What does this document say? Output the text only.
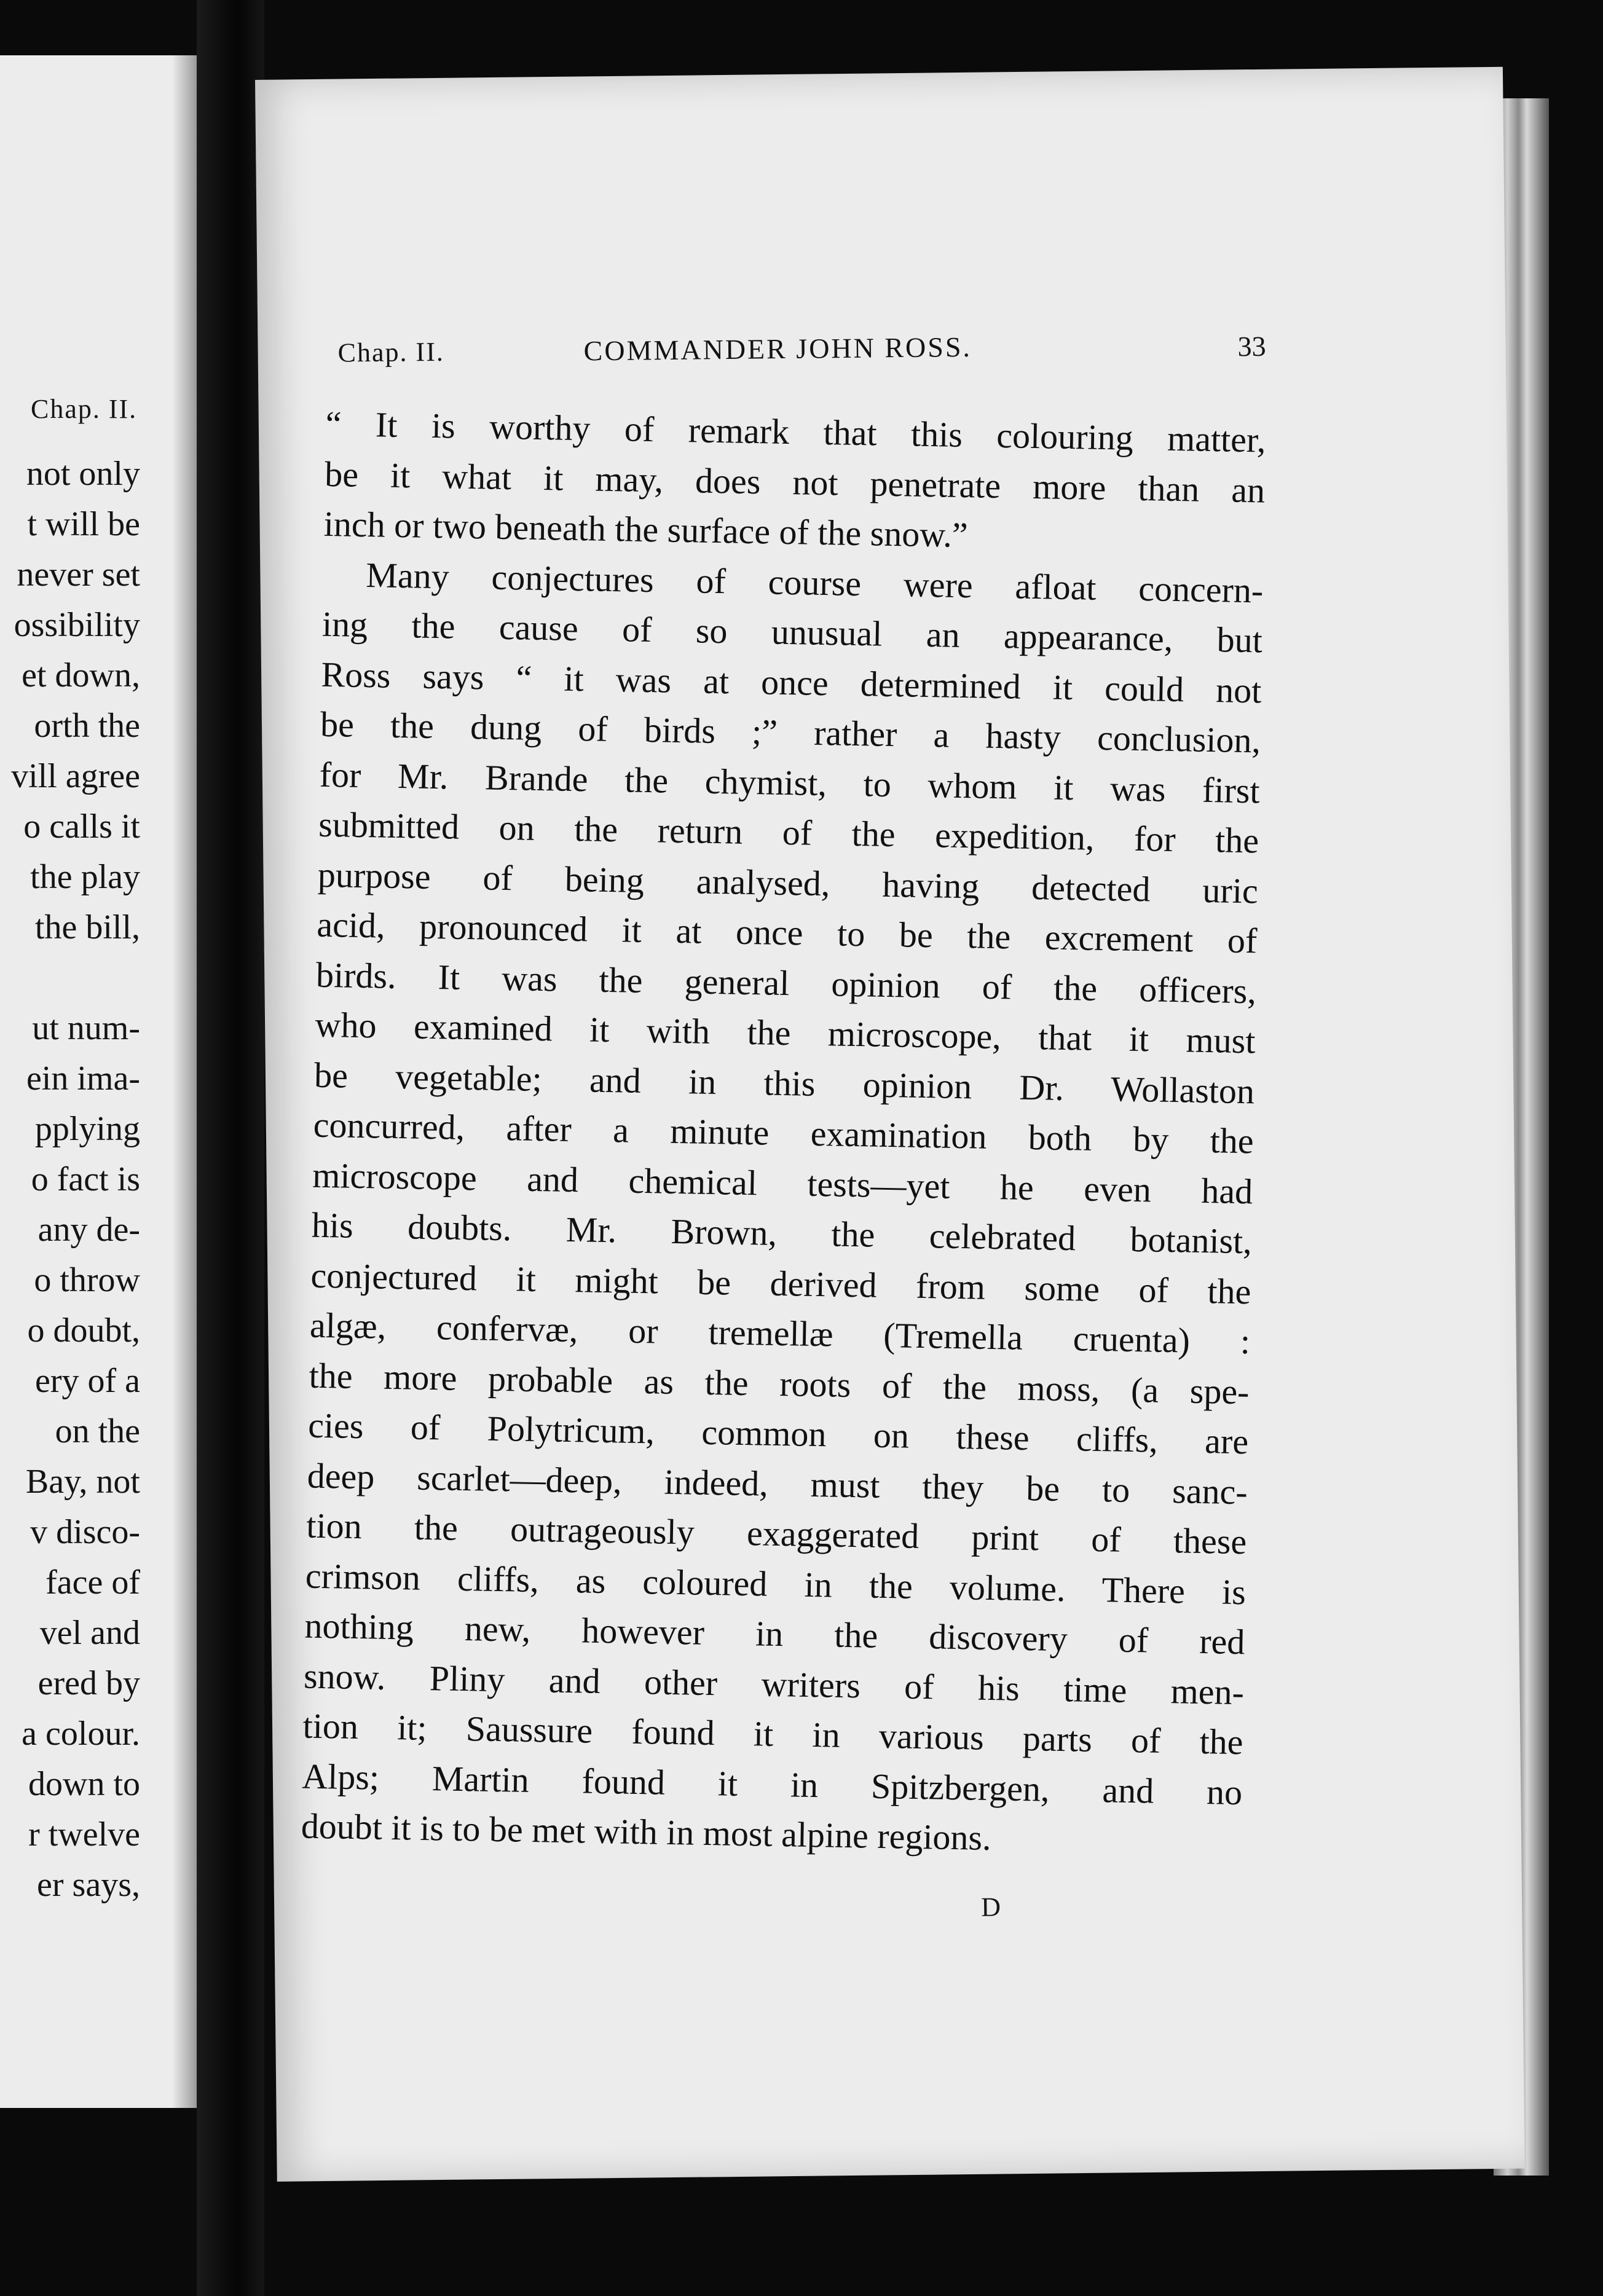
Chap. II.
not only
t will be
never set
ossibility
et down,
orth the
vill agree
o calls it
the play
the bill,

ut num-
ein ima-
pplying
o fact is
any de-
o throw
o doubt,
ery of a
on the
Bay, not
v disco-
face of
vel and
ered by
a colour.
down to
r twelve
er says,
Chap. II.	COMMANDER JOHN ROSS.	33
“ It is worthy of remark that this colouring matter,
be it what it may, does not penetrate more than an
inch or two beneath the surface of the snow.”
Many conjectures of course were afloat concern-
ing the cause of so unusual an appearance, but
Ross says “ it was at once determined it could not
be the dung of birds ;” rather a hasty conclusion,
for Mr. Brande the chymist, to whom it was first
submitted on the return of the expedition, for the
purpose of being analysed, having detected uric
acid, pronounced it at once to be the excrement of
birds. It was the general opinion of the officers,
who examined it with the microscope, that it must
be vegetable; and in this opinion Dr. Wollaston
concurred, after a minute examination both by the
microscope and chemical tests—yet he even had
his doubts. Mr. Brown, the celebrated botanist,
conjectured it might be derived from some of the
algæ, confervæ, or tremellæ (Tremella cruenta) :
the more probable as the roots of the moss, (a spe-
cies of Polytricum, common on these cliffs, are
deep scarlet—deep, indeed, must they be to sanc-
tion the outrageously exaggerated print of these
crimson cliffs, as coloured in the volume. There is
nothing new, however in the discovery of red
snow. Pliny and other writers of his time men-
tion it; Saussure found it in various parts of the
Alps; Martin found it in Spitzbergen, and no
doubt it is to be met with in most alpine regions.
D
